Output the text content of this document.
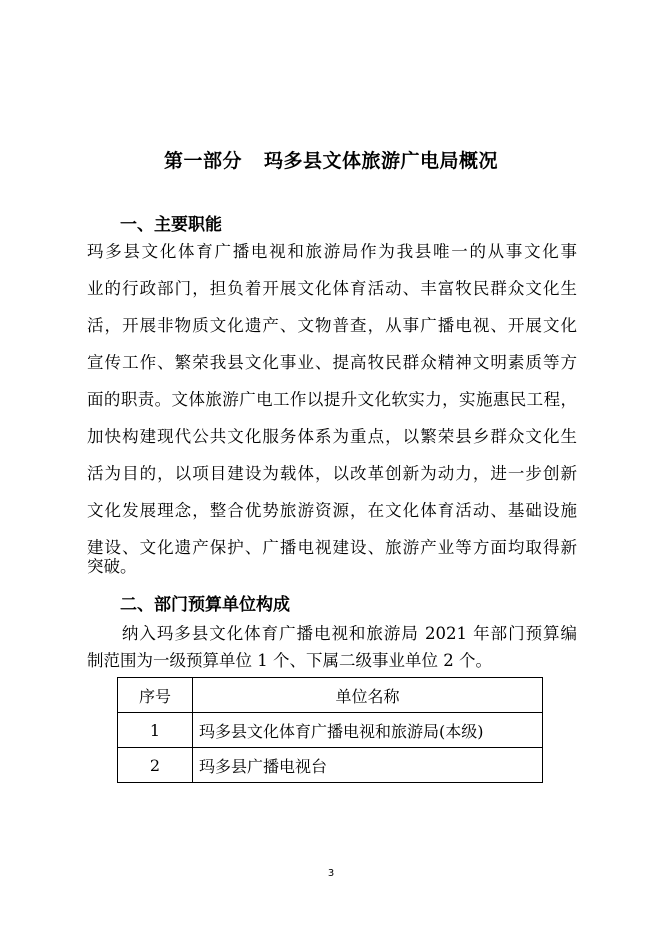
第一部分 玛多县文体旅游广电局概况
一、主要职能
玛多县文化体育广播电视和旅游局作为我县唯一的从事文化事
业的行政部门，担负着开展文化体育活动、丰富牧民群众文化生
活，开展非物质文化遗产、文物普查，从事广播电视、开展文化
宣传工作、繁荣我县文化事业、提高牧民群众精神文明素质等方
面的职责。文体旅游广电工作以提升文化软实力，实施惠民工程，
加快构建现代公共文化服务体系为重点，以繁荣县乡群众文化生
活为目的，以项目建设为载体，以改革创新为动力，进一步创新
文化发展理念，整合优势旅游资源，在文化体育活动、基础设施
建设、文化遗产保护、广播电视建设、旅游产业等方面均取得新
突破。
二、部门预算单位构成
　　纳入玛多县文化体育广播电视和旅游局 2021 年部门预算编
制范围为一级预算单位 1 个、下属二级事业单位 2 个。
序号	单位名称
1	玛多县文化体育广播电视和旅游局(本级)
2	玛多县广播电视台
3
